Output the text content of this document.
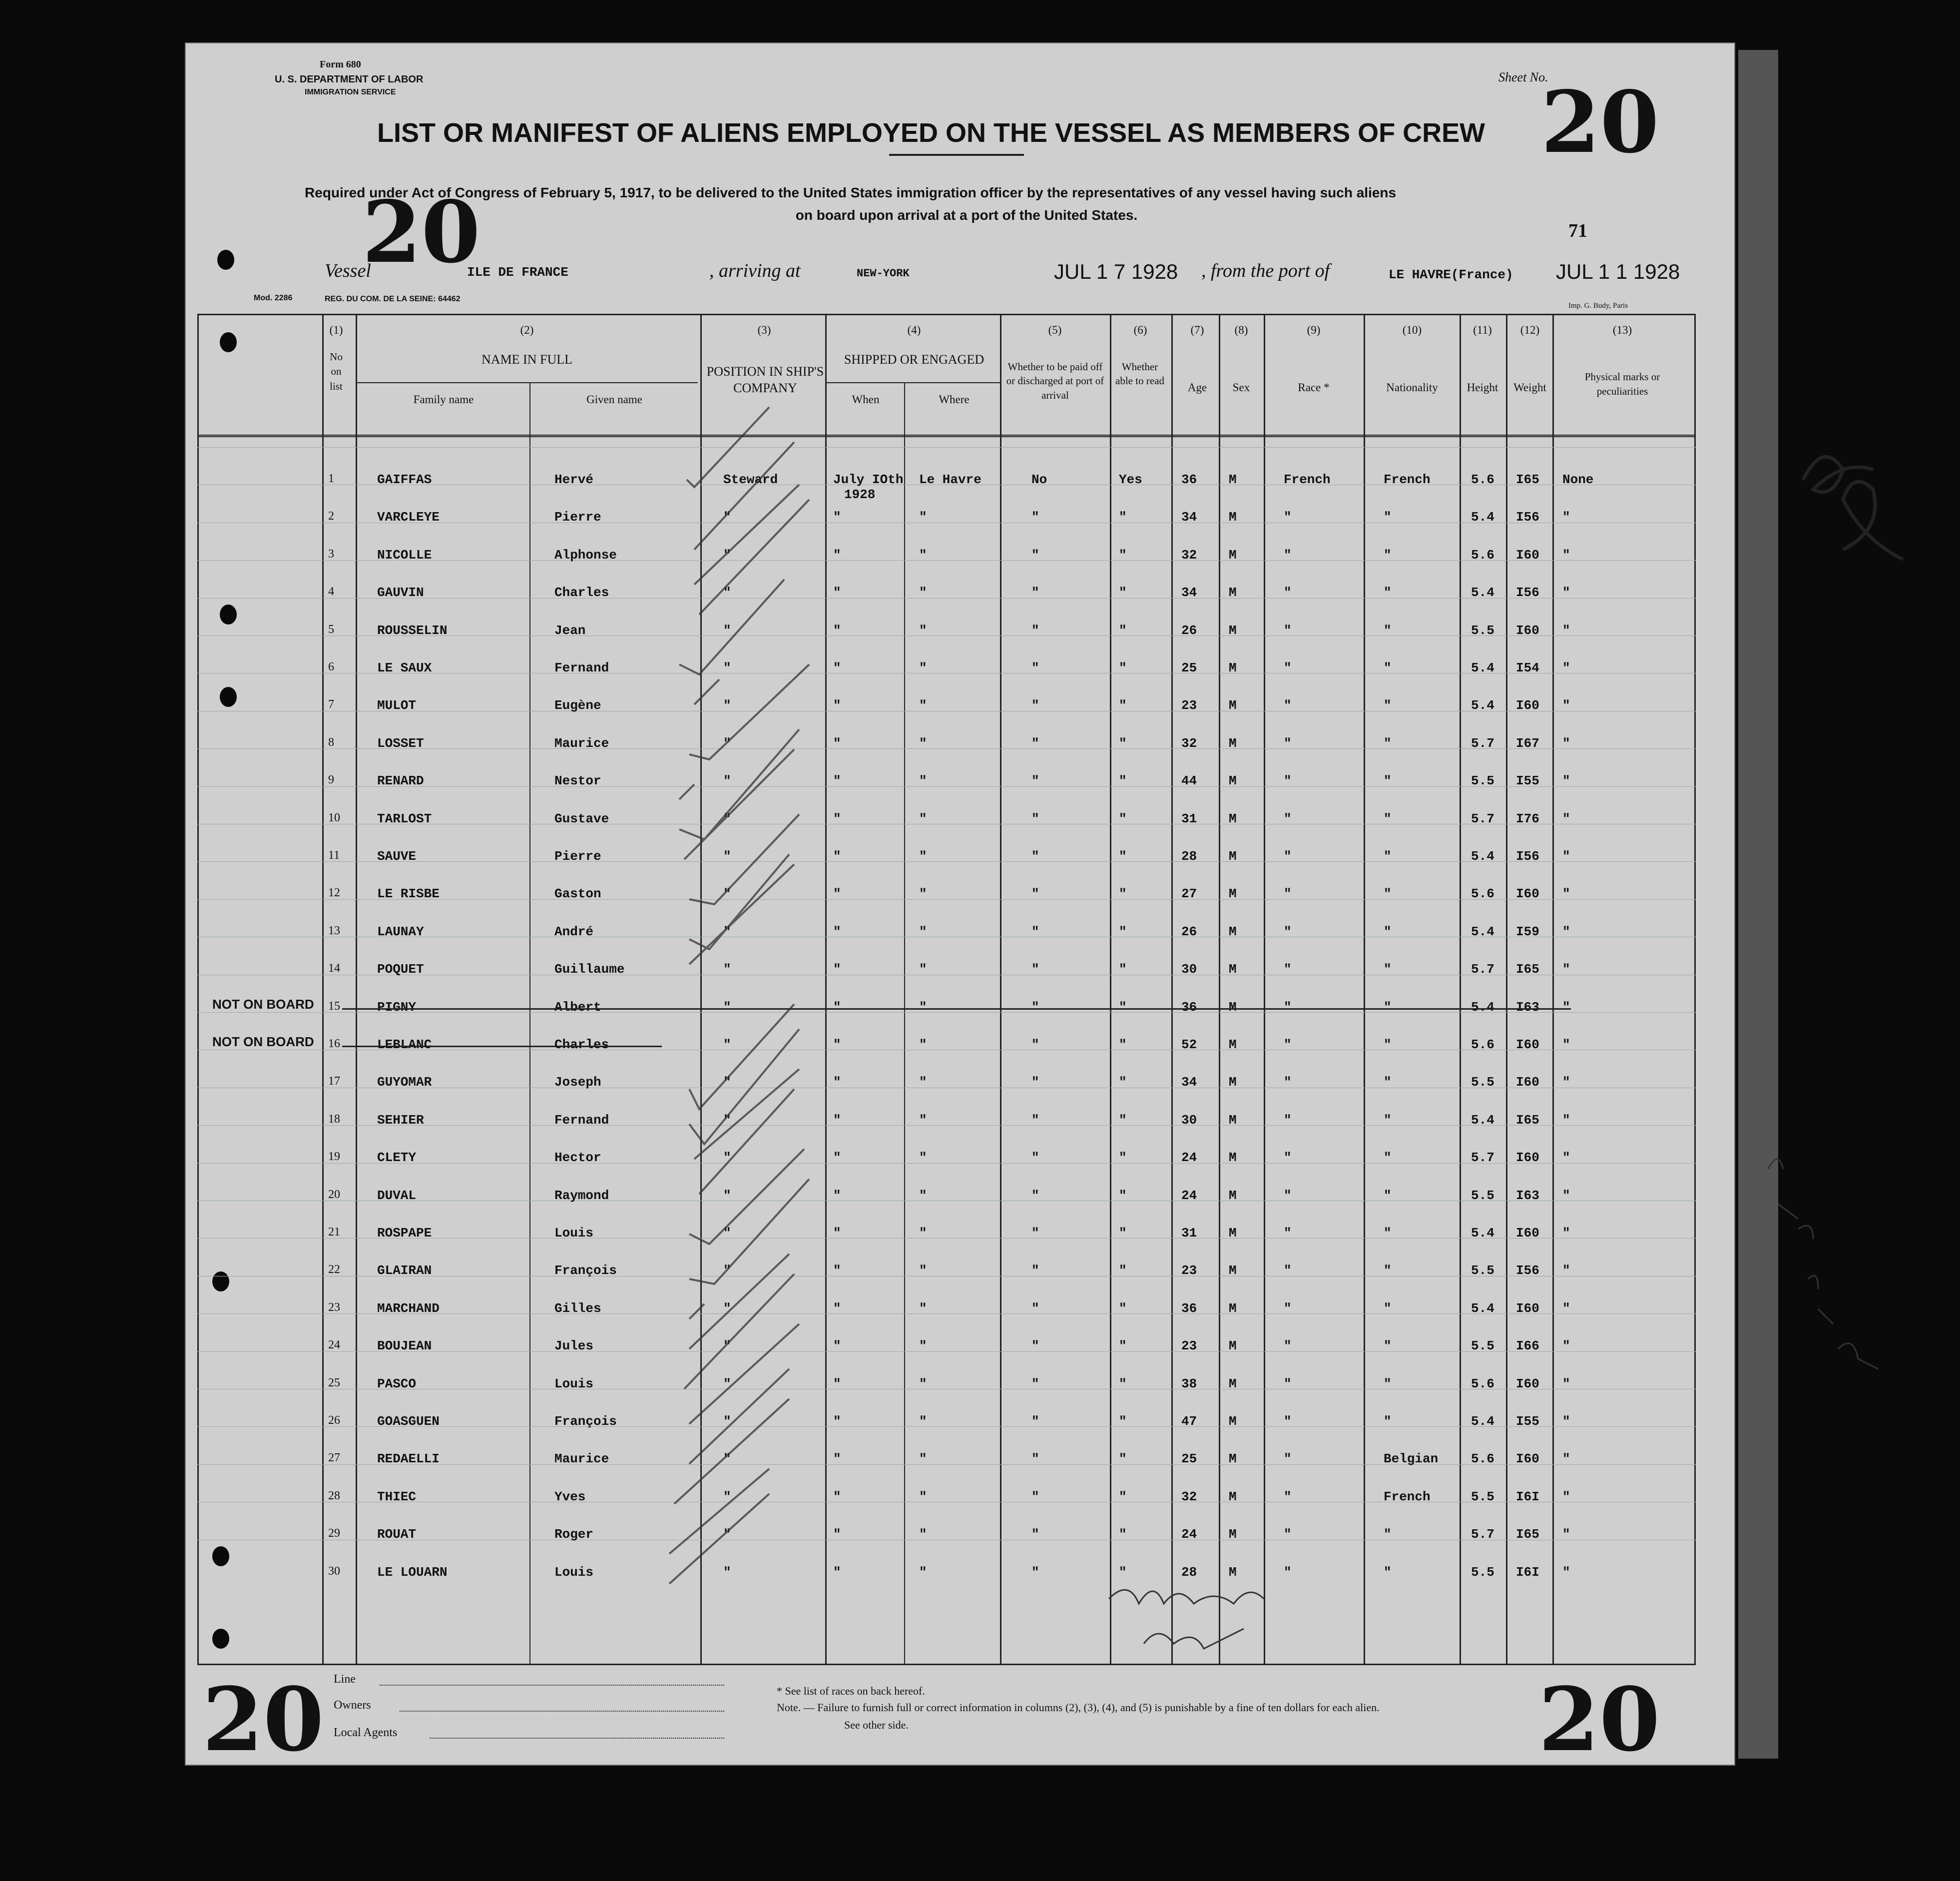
Form 680
U. S. DEPARTMENT OF LABOR
IMMIGRATION SERVICE
Sheet No.
20
LIST OR MANIFEST OF ALIENS EMPLOYED ON THE VESSEL AS MEMBERS OF CREW
Required under Act of Congress of February 5, 1917, to be delivered to the United States immigration officer by the representatives of any vessel having such aliens
on board upon arrival at a port of the United States.
20	71
Vessel	ILE DE FRANCE	, arriving at	NEW-YORK	JUL 1 7 1928 , from the port of	LE HAVRE(France) JUL 1 1 1928
Mod. 2286	REG. DU COM. DE LA SEINE: 64462
Imp. G. Budy, Paris
(1)
No on list
(2)
NAME IN FULL
Family name	Given name
(3)
POSITION IN SHIP'S COMPANY
(4)
SHIPPED OR ENGAGED
When	Where
(5)
Whether to be paid off or discharged at port of arrival
(6)
Whether able to read
(7)
Age
(8)
Sex
(9)
Race *
(10)
Nationality
(11)
Height
(12)
Weight
(13)
Physical marks or peculiarities
1	GAIFFAS	Hervé	Steward	July IOth Le Havre	No	Yes	36 M	French	French	5.6 I65 None
1928
2	VARCLEYE	Pierre	"	"	"	"	"	34 M	"	"	5.4 I56 "
3	NICOLLE	Alphonse	"	"	"	"	"	32 M	"	"	5.6 I60 "
4	GAUVIN	Charles	"	"	"	"	"	34 M	"	"	5.4 I56 "
5	ROUSSELIN	Jean	"	"	"	"	"	26 M	"	"	5.5 I60 "
6	LE SAUX	Fernand	"	"	"	"	"	25 M	"	"	5.4 I54 "
7	MULOT	Eugène	"	"	"	"	"	23 M	"	"	5.4 I60 "
8	LOSSET	Maurice	"	"	"	"	"	32 M	"	"	5.7 I67 "
9	RENARD	Nestor	"	"	"	"	"	44 M	"	"	5.5 I55 "
10	TARLOST	Gustave	"	"	"	"	"	31 M	"	"	5.7 I76 "
11	SAUVE	Pierre	"	"	"	"	"	28 M	"	"	5.4 I56 "
12	LE RISBE	Gaston	"	"	"	"	"	27 M	"	"	5.6 I60 "
13	LAUNAY	André	"	"	"	"	"	26 M	"	"	5.4 I59 "
14	POQUET	Guillaume	"	"	"	"	"	30 M	"	"	5.7 I65 "
15	PIGNY	Albert	"	"	"	"	"	36 M	"	"	5.4 I63 "
NOT ON BOARD
16	LEBLANC	Charles	"	"	"	"	"	52 M	"	"	5.6 I60 "
NOT ON BOARD
17	GUYOMAR	Joseph	"	"	"	"	"	34 M	"	"	5.5 I60 "
18	SEHIER	Fernand	"	"	"	"	"	30 M	"	"	5.4 I65 "
19	CLETY	Hector	"	"	"	"	"	24 M	"	"	5.7 I60 "
20	DUVAL	Raymond	"	"	"	"	"	24 M	"	"	5.5 I63 "
21	ROSPAPE	Louis	"	"	"	"	"	31 M	"	"	5.4 I60 "
22	GLAIRAN	François	"	"	"	"	"	23 M	"	"	5.5 I56 "
23	MARCHAND	Gilles	"	"	"	"	"	36 M	"	"	5.4 I60 "
24	BOUJEAN	Jules	"	"	"	"	"	23 M	"	"	5.5 I66 "
25	PASCO	Louis	"	"	"	"	"	38 M	"	"	5.6 I60 "
26	GOASGUEN	François	"	"	"	"	"	47 M	"	"	5.4 I55 "
27	REDAELLI	Maurice	"	"	"	"	"	25 M	"	Belgian	5.6 I60 "
28	THIEC	Yves	"	"	"	"	"	32 M	"	French	5.5 I6I "
29	ROUAT	Roger	"	"	"	"	"	24 M	"	"	5.7 I65 "
30	LE LOUARN	Louis	"	"	"	"	"	28 M	"	"	5.5 I6I "
Line
Owners
Local Agents
* See list of races on back hereof.
Note. — Failure to furnish full or correct information in columns (2), (3), (4), and (5) is punishable by a fine of ten dollars for each alien.
See other side.
20	20
